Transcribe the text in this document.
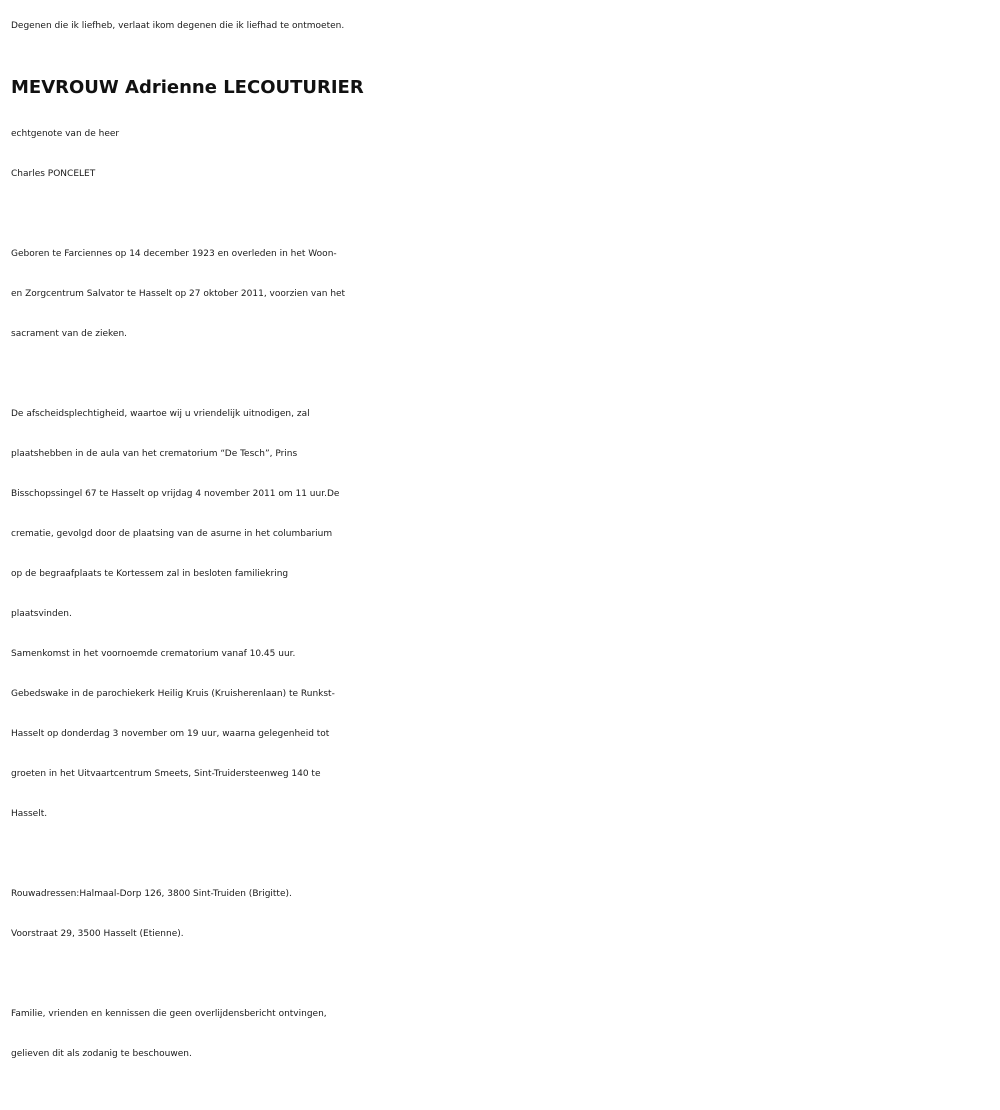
Degenen die ik liefheb, verlaat ikom degenen die ik liefhad te ontmoeten.
MEVROUW Adrienne LECOUTURIER
echtgenote van de heer
Charles PONCELET
Geboren te Farciennes op 14 december 1923 en overleden in het Woon-
en Zorgcentrum Salvator te Hasselt op 27 oktober 2011, voorzien van het
sacrament van de zieken.
De afscheidsplechtigheid, waartoe wij u vriendelijk uitnodigen, zal
plaatshebben in de aula van het crematorium “De Tesch”, Prins
Bisschopssingel 67 te Hasselt op vrijdag 4 november 2011 om 11 uur.De
crematie, gevolgd door de plaatsing van de asurne in het columbarium
op de begraafplaats te Kortessem zal in besloten familiekring
plaatsvinden.
Samenkomst in het voornoemde crematorium vanaf 10.45 uur.
Gebedswake in de parochiekerk Heilig Kruis (Kruisherenlaan) te Runkst-
Hasselt op donderdag 3 november om 19 uur, waarna gelegenheid tot
groeten in het Uitvaartcentrum Smeets, Sint-Truidersteenweg 140 te
Hasselt.
Rouwadressen:Halmaal-Dorp 126, 3800 Sint-Truiden (Brigitte).
Voorstraat 29, 3500 Hasselt (Etienne).
Familie, vrienden en kennissen die geen overlijdensbericht ontvingen,
gelieven dit als zodanig te beschouwen.
